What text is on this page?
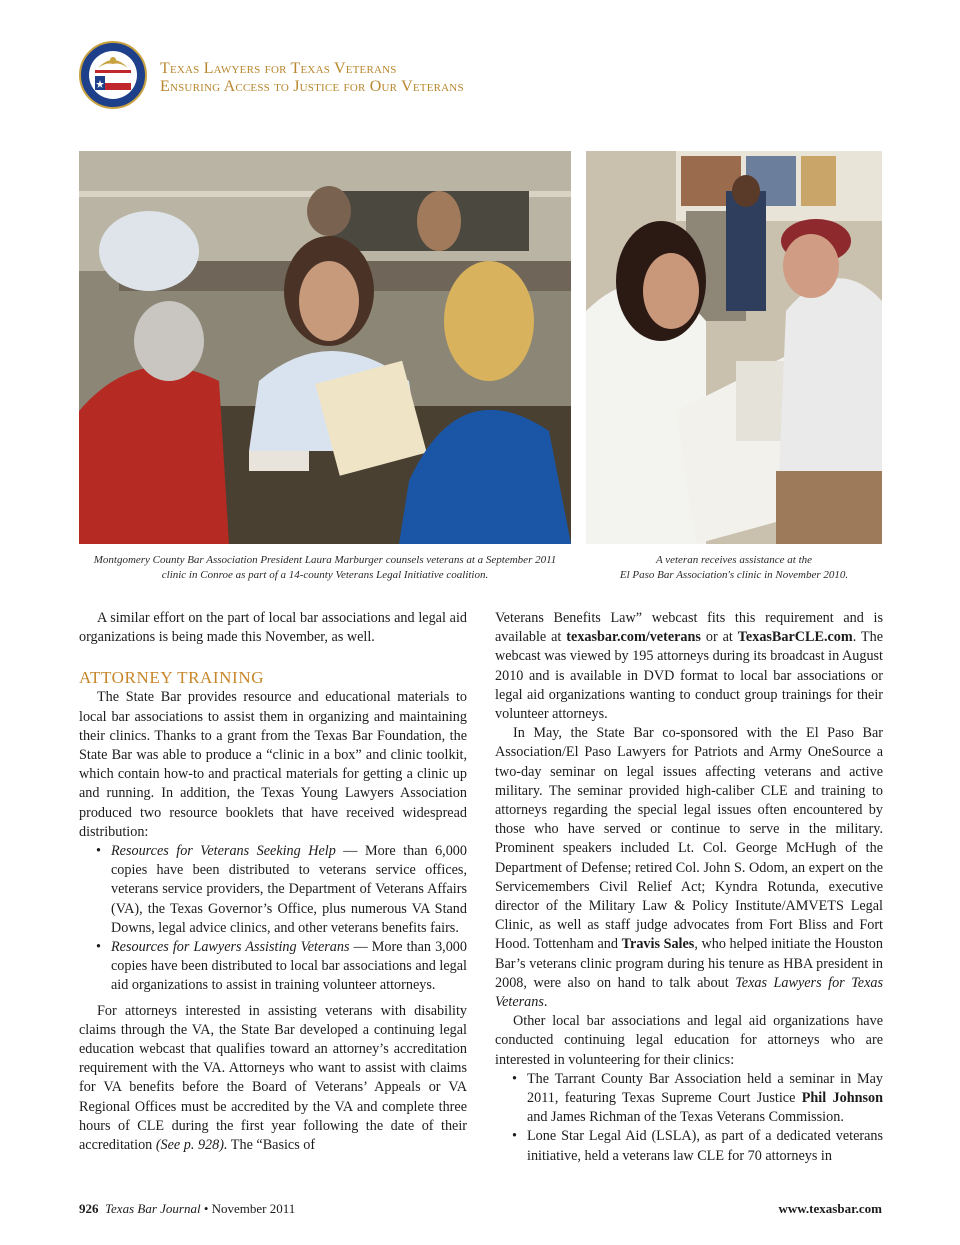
Texas Lawyers for Texas Veterans
Ensuring Access to Justice for Our Veterans
Montgomery County Bar Association President Laura Marburger counsels veterans at a September 2011
clinic in Conroe as part of a 14-county Veterans Legal Initiative coalition.
A veteran receives assistance at the
El Paso Bar Association's clinic in November 2010.

A similar effort on the part of local bar associations and legal aid organizations is being made this November, as well.

ATTORNEY TRAINING

The State Bar provides resource and educational materials to local bar associations to assist them in organizing and maintaining their clinics. Thanks to a grant from the Texas Bar Foundation, the State Bar was able to produce a “clinic in a box” and clinic toolkit, which contain how-to and practical materials for getting a clinic up and running. In addition, the Texas Young Lawyers Association produced two resource booklets that have received widespread distribution:

• Resources for Veterans Seeking Help — More than 6,000 copies have been distributed to veterans service offices, veterans service providers, the Department of Veterans Affairs (VA), the Texas Governor’s Office, plus numerous VA Stand Downs, legal advice clinics, and other veterans benefits fairs.
• Resources for Lawyers Assisting Veterans — More than 3,000 copies have been distributed to local bar associations and legal aid organizations to assist in training volunteer attorneys.

For attorneys interested in assisting veterans with disability claims through the VA, the State Bar developed a continuing legal education webcast that qualifies toward an attorney’s accreditation requirement with the VA. Attorneys who want to assist with claims for VA benefits before the Board of Veterans’ Appeals or VA Regional Offices must be accredited by the VA and complete three hours of CLE during the first year following the date of their accreditation (See p. 928). The “Basics of

Veterans Benefits Law” webcast fits this requirement and is available at texasbar.com/veterans or at TexasBarCLE.com. The webcast was viewed by 195 attorneys during its broadcast in August 2010 and is available in DVD format to local bar associations or legal aid organizations wanting to conduct group trainings for their volunteer attorneys.

In May, the State Bar co-sponsored with the El Paso Bar Association/El Paso Lawyers for Patriots and Army OneSource a two-day seminar on legal issues affecting veterans and active military. The seminar provided high-caliber CLE and training to attorneys regarding the special legal issues often encountered by those who have served or continue to serve in the military. Prominent speakers included Lt. Col. George McHugh of the Department of Defense; retired Col. John S. Odom, an expert on the Servicemembers Civil Relief Act; Kyndra Rotunda, executive director of the Military Law & Policy Institute/AMVETS Legal Clinic, as well as staff judge advocates from Fort Bliss and Fort Hood. Tottenham and Travis Sales, who helped initiate the Houston Bar’s veterans clinic program during his tenure as HBA president in 2008, were also on hand to talk about Texas Lawyers for Texas Veterans.

Other local bar associations and legal aid organizations have conducted continuing legal education for attorneys who are interested in volunteering for their clinics:

• The Tarrant County Bar Association held a seminar in May 2011, featuring Texas Supreme Court Justice Phil Johnson and James Richman of the Texas Veterans Commission.
• Lone Star Legal Aid (LSLA), as part of a dedicated veterans initiative, held a veterans law CLE for 70 attorneys in
926 Texas Bar Journal • November 2011	www.texasbar.com
